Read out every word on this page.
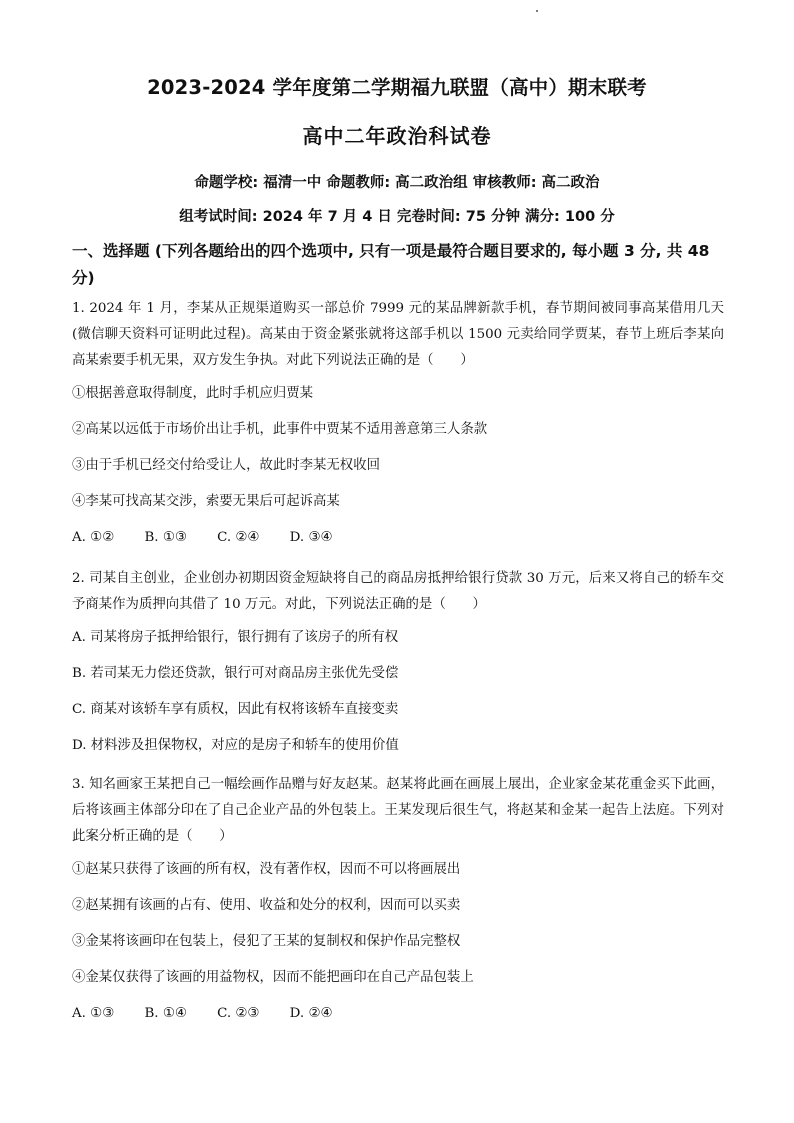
2023-2024 学年度第二学期福九联盟（高中）期末联考
高中二年政治科试卷
命题学校: 福清一中 命题教师: 高二政治组 审核教师: 高二政治
组考试时间: 2024 年 7 月 4 日 完卷时间: 75 分钟 满分: 100 分
一、选择题 (下列各题给出的四个选项中, 只有一项是最符合题目要求的, 每小题 3 分, 共 48 分)

1. 2024 年 1 月，李某从正规渠道购买一部总价 7999 元的某品牌新款手机，春节期间被同事高某借用几天(微信聊天资料可证明此过程)。高某由于资金紧张就将这部手机以 1500 元卖给同学贾某，春节上班后李某向高某索要手机无果，双方发生争执。对此下列说法正确的是（　　）

①根据善意取得制度，此时手机应归贾某

②高某以远低于市场价出让手机，此事件中贾某不适用善意第三人条款

③由于手机已经交付给受让人，故此时李某无权收回

④李某可找高某交涉，索要无果后可起诉高某

A. ①② B. ①③ C. ②④ D. ③④

2. 司某自主创业，企业创办初期因资金短缺将自己的商品房抵押给银行贷款 30 万元，后来又将自己的轿车交予商某作为质押向其借了 10 万元。对此，下列说法正确的是（　　）

A. 司某将房子抵押给银行，银行拥有了该房子的所有权

B. 若司某无力偿还贷款，银行可对商品房主张优先受偿

C. 商某对该轿车享有质权，因此有权将该轿车直接变卖

D. 材料涉及担保物权，对应的是房子和轿车的使用价值

3. 知名画家王某把自己一幅绘画作品赠与好友赵某。赵某将此画在画展上展出，企业家金某花重金买下此画，后将该画主体部分印在了自己企业产品的外包装上。王某发现后很生气，将赵某和金某一起告上法庭。下列对此案分析正确的是（　　）

①赵某只获得了该画的所有权，没有著作权，因而不可以将画展出

②赵某拥有该画的占有、使用、收益和处分的权利，因而可以买卖

③金某将该画印在包装上，侵犯了王某的复制权和保护作品完整权

④金某仅获得了该画的用益物权，因而不能把画印在自己产品包装上

A. ①③ B. ①④ C. ②③ D. ②④
